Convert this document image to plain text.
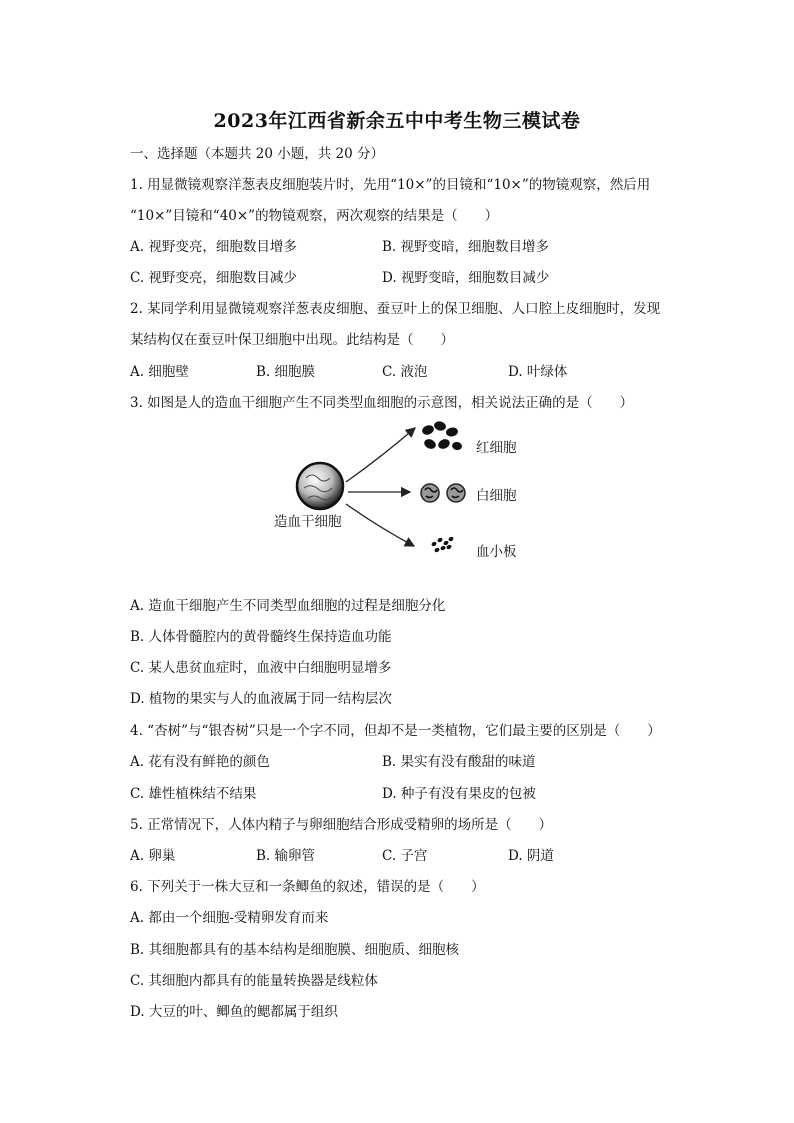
2023年江西省新余五中中考生物三模试卷
一、选择题（本题共 20 小题，共 20 分）
1. 用显微镜观察洋葱表皮细胞装片时，先用“10×”的目镜和“10×”的物镜观察，然后用
“10×”目镜和“40×”的物镜观察，两次观察的结果是（　　）
A. 视野变亮，细胞数目增多	B. 视野变暗，细胞数目增多
C. 视野变亮，细胞数目减少	D. 视野变暗，细胞数目减少
2. 某同学利用显微镜观察洋葱表皮细胞、蚕豆叶上的保卫细胞、人口腔上皮细胞时，发现
某结构仅在蚕豆叶保卫细胞中出现。此结构是（　　）
A. 细胞壁	B. 细胞膜	C. 液泡	D. 叶绿体
3. 如图是人的造血干细胞产生不同类型血细胞的示意图，相关说法正确的是（　　）
造血干细胞
红细胞
白细胞
血小板
A. 造血干细胞产生不同类型血细胞的过程是细胞分化
B. 人体骨髓腔内的黄骨髓终生保持造血功能
C. 某人患贫血症时，血液中白细胞明显增多
D. 植物的果实与人的血液属于同一结构层次
4. “杏树”与“银杏树”只是一个字不同，但却不是一类植物，它们最主要的区别是（　　）
A. 花有没有鲜艳的颜色	B. 果实有没有酸甜的味道
C. 雄性植株结不结果	D. 种子有没有果皮的包被
5. 正常情况下，人体内精子与卵细胞结合形成受精卵的场所是（　　）
A. 卵巢	B. 输卵管	C. 子宫	D. 阴道
6. 下列关于一株大豆和一条鲫鱼的叙述，错误的是（　　）
A. 都由一个细胞-受精卵发育而来
B. 其细胞都具有的基本结构是细胞膜、细胞质、细胞核
C. 其细胞内都具有的能量转换器是线粒体
D. 大豆的叶、鲫鱼的鳃都属于组织
